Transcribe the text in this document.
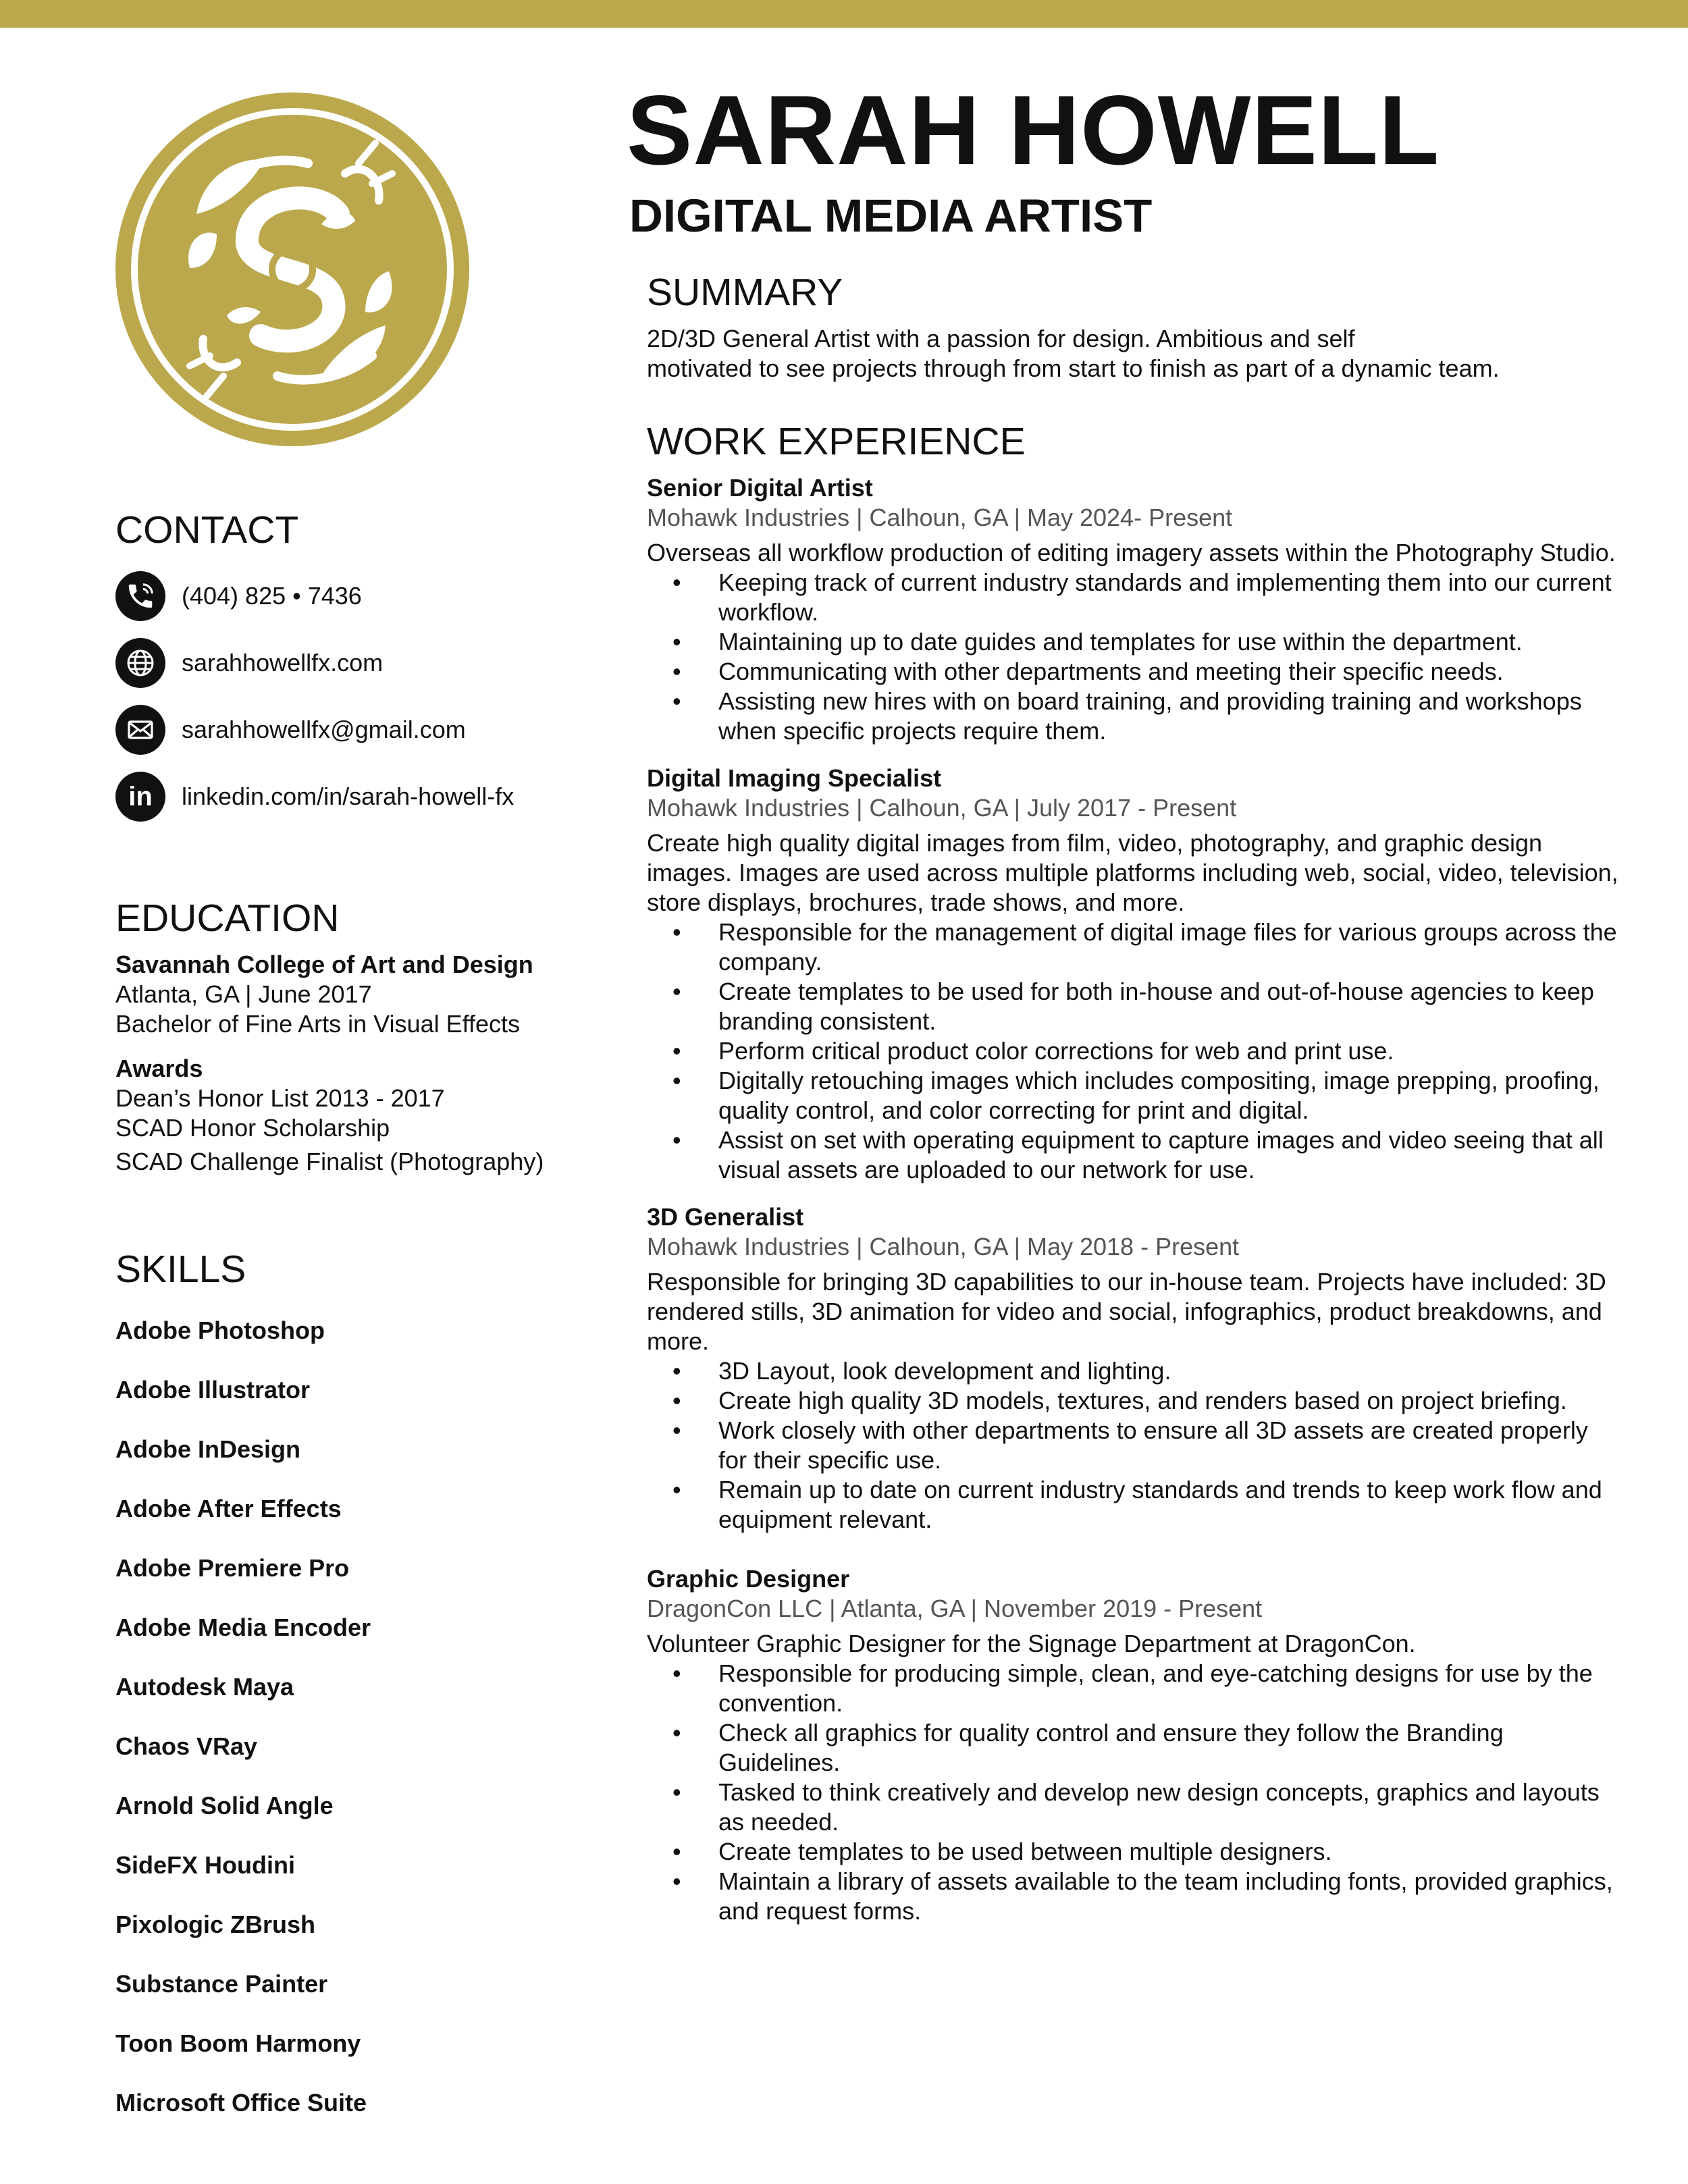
SARAH HOWELL
DIGITAL MEDIA ARTIST
SUMMARY
2D/3D General Artist with a passion for design. Ambitious and self
motivated to see projects through from start to finish as part of a dynamic team.
WORK EXPERIENCE
Senior Digital Artist
Mohawk Industries | Calhoun, GA | May 2024- Present
Overseas all workflow production of editing imagery assets within the Photography Studio.
• Keeping track of current industry standards and implementing them into our current workflow.
• Maintaining up to date guides and templates for use within the department.
• Communicating with other departments and meeting their specific needs.
• Assisting new hires with on board training, and providing training and workshops when specific projects require them.
Digital Imaging Specialist
Mohawk Industries | Calhoun, GA | July 2017 - Present
Create high quality digital images from film, video, photography, and graphic design images. Images are used across multiple platforms including web, social, video, television, store displays, brochures, trade shows, and more.
• Responsible for the management of digital image files for various groups across the company.
• Create templates to be used for both in-house and out-of-house agencies to keep branding consistent.
• Perform critical product color corrections for web and print use.
• Digitally retouching images which includes compositing, image prepping, proofing, quality control, and color correcting for print and digital.
• Assist on set with operating equipment to capture images and video seeing that all visual assets are uploaded to our network for use.
3D Generalist
Mohawk Industries | Calhoun, GA | May 2018 - Present
Responsible for bringing 3D capabilities to our in-house team. Projects have included: 3D rendered stills, 3D animation for video and social, infographics, product breakdowns, and more.
• 3D Layout, look development and lighting.
• Create high quality 3D models, textures, and renders based on project briefing.
• Work closely with other departments to ensure all 3D assets are created properly for their specific use.
• Remain up to date on current industry standards and trends to keep work flow and equipment relevant.
Graphic Designer
DragonCon LLC | Atlanta, GA | November 2019 - Present
Volunteer Graphic Designer for the Signage Department at DragonCon.
• Responsible for producing simple, clean, and eye-catching designs for use by the convention.
• Check all graphics for quality control and ensure they follow the Branding Guidelines.
• Tasked to think creatively and develop new design concepts, graphics and layouts as needed.
• Create templates to be used between multiple designers.
• Maintain a library of assets available to the team including fonts, provided graphics, and request forms.
CONTACT
(404) 825 • 7436
sarahhowellfx.com
sarahhowellfx@gmail.com
in	linkedin.com/in/sarah-howell-fx
EDUCATION
Savannah College of Art and Design
Atlanta, GA | June 2017
Bachelor of Fine Arts in Visual Effects
Awards
Dean’s Honor List 2013 - 2017
SCAD Honor Scholarship
SCAD Challenge Finalist (Photography)
SKILLS
Adobe Photoshop
Adobe Illustrator
Adobe InDesign
Adobe After Effects
Adobe Premiere Pro
Adobe Media Encoder
Autodesk Maya
Chaos VRay
Arnold Solid Angle
SideFX Houdini
Pixologic ZBrush
Substance Painter
Toon Boom Harmony
Microsoft Office Suite
